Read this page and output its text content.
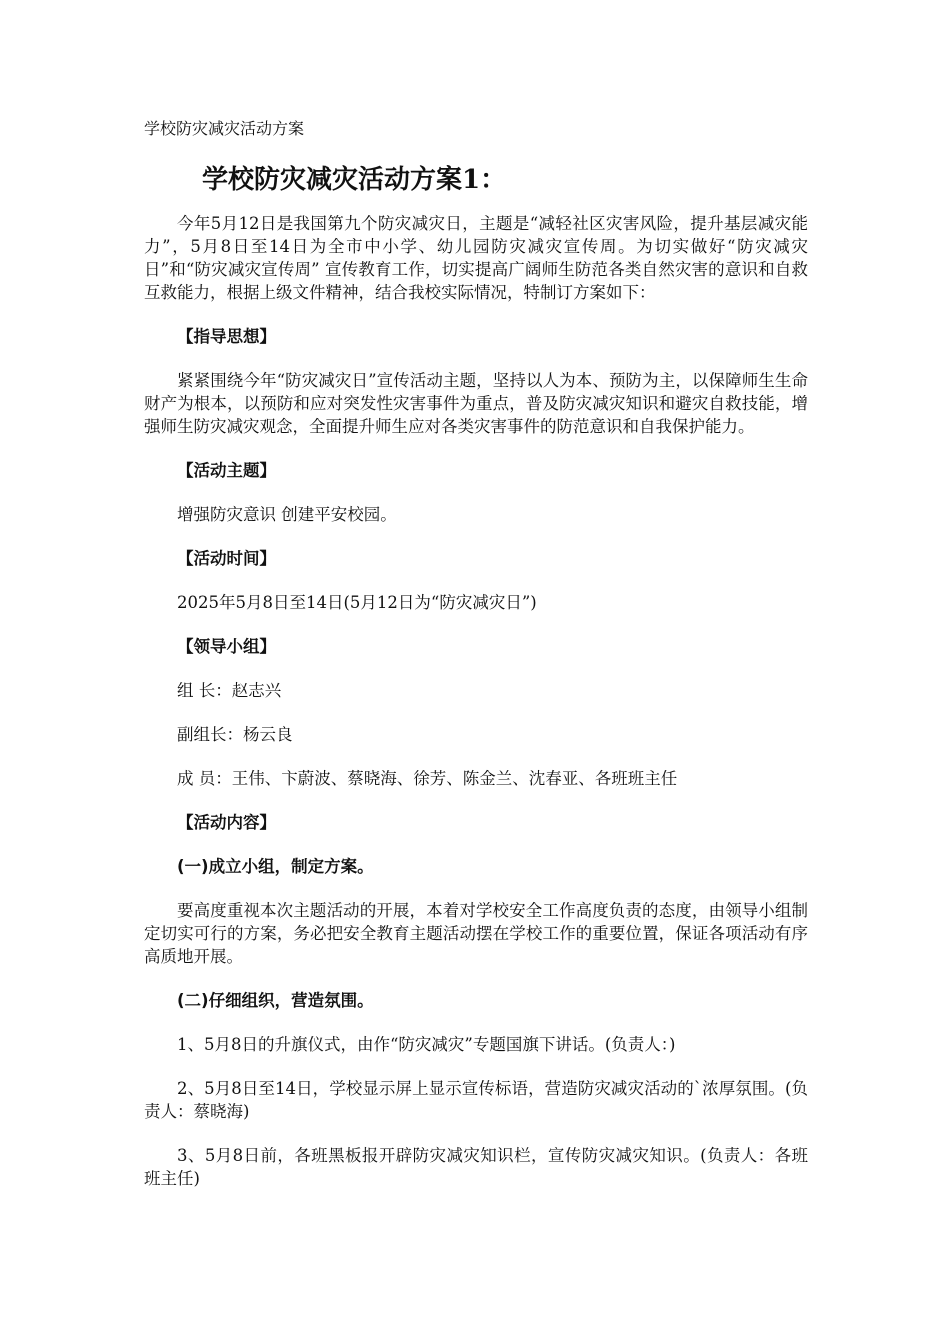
学校防灾减灾活动方案

学校防灾减灾活动方案1：

今年5月12日是我国第九个防灾减灾日，主题是“减轻社区灾害风险，提升基层减灾能力”，5月8日至14日为全市中小学、幼儿园防灾减灾宣传周。为切实做好“防灾减灾日”和“防灾减灾宣传周” 宣传教育工作，切实提高广阔师生防范各类自然灾害的意识和自救互救能力，根据上级文件精神，结合我校实际情况，特制订方案如下：

【指导思想】

紧紧围绕今年“防灾减灾日”宣传活动主题，坚持以人为本、预防为主，以保障师生生命财产为根本，以预防和应对突发性灾害事件为重点，普及防灾减灾知识和避灾自救技能，增强师生防灾减灾观念，全面提升师生应对各类灾害事件的防范意识和自我保护能力。

【活动主题】

增强防灾意识 创建平安校园。

【活动时间】

2025年5月8日至14日(5月12日为“防灾减灾日”)

【领导小组】

组 长：赵志兴

副组长：杨云良

成 员：王伟、卞蔚波、蔡晓海、徐芳、陈金兰、沈春亚、各班班主任

【活动内容】

(一)成立小组，制定方案。

要高度重视本次主题活动的开展，本着对学校安全工作高度负责的态度，由领导小组制定切实可行的方案，务必把安全教育主题活动摆在学校工作的重要位置，保证各项活动有序高质地开展。

(二)仔细组织，营造氛围。

1、5月8日的升旗仪式，由作“防灾减灾”专题国旗下讲话。(负责人：)

2、5月8日至14日，学校显示屏上显示宣传标语，营造防灾减灾活动的`浓厚氛围。(负责人：蔡晓海)

3、5月8日前，各班黑板报开辟防灾减灾知识栏，宣传防灾减灾知识。(负责人：各班班主任)
